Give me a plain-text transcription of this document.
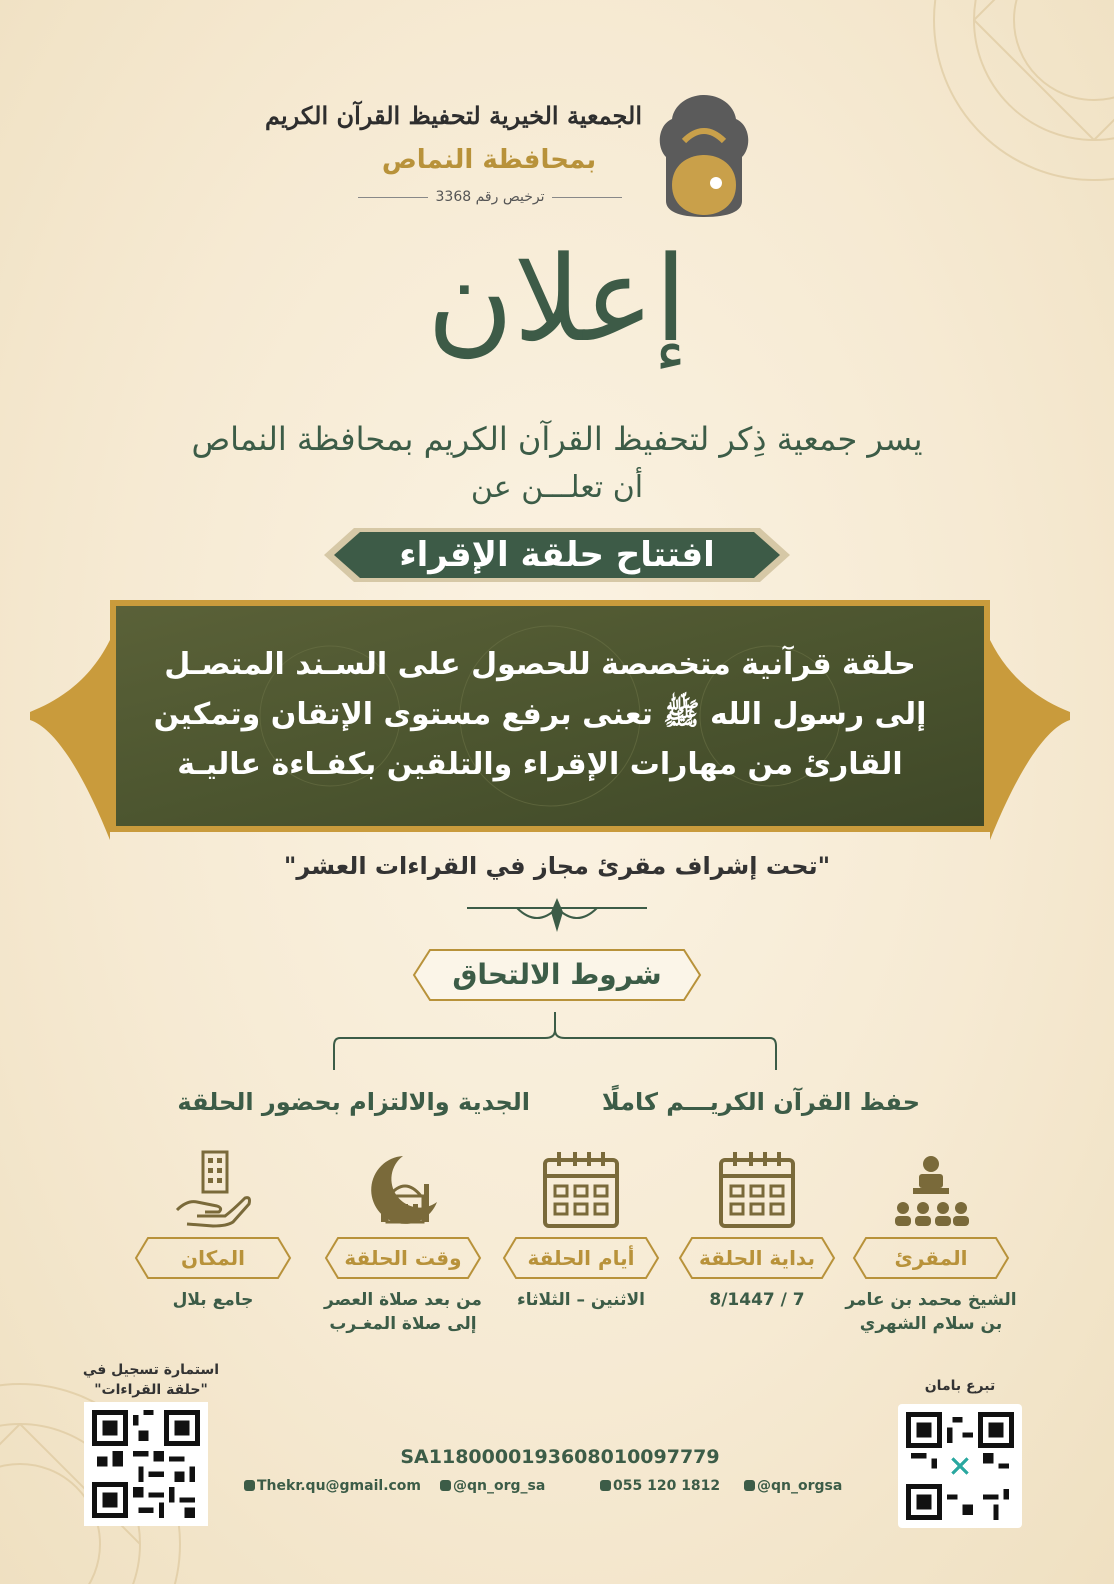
الجمعية الخيرية لتحفيظ القرآن الكريم
بمحافظة النماص
ترخيص رقم 3368
إعلان
يسر جمعية ذِكر لتحفيظ القرآن الكريم بمحافظة النماص
أن تعلـــن عن
افتتاح حلقة الإقراء
حلقة قرآنية متخصصة للحصول على السـند المتصـل
إلى رسول الله ﷺ تعنى برفع مستوى الإتقان وتمكين
القارئ من مهارات الإقراء والتلقين بكفـاءة عاليـة
"تحت إشراف مقرئ مجاز في القراءات العشر"
شروط الالتحاق
حفظ القرآن الكريـــم كاملًا
الجدية والالتزام بحضور الحلقة
المقرئ
الشيخ محمد بن عامر
بن سلام الشهري
بداية الحلقة
7 / 8/1447
أيام الحلقة
الاثنين – الثلاثاء
وقت الحلقة
من بعد صلاة العصر
إلى صلاة المغـرب
المكان
جامع بلال
استمارة تسجيل في
"حلقة القراءات"	تبرع بامان
SA1180000193608010097779
Thekr.qu@gmail.com	@qn_org_sa	055 120 1812	@qn_orgsa
